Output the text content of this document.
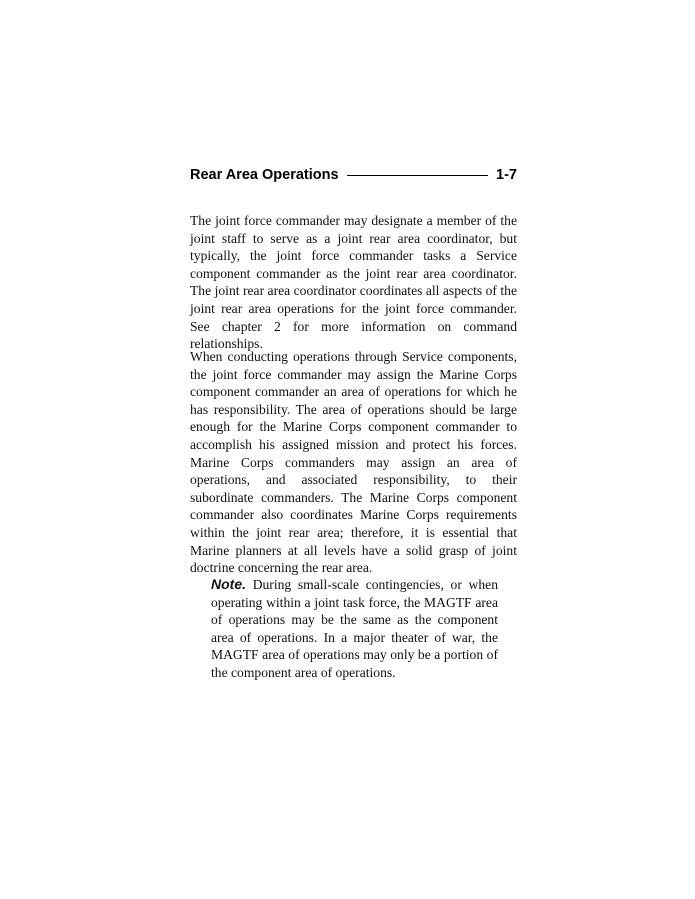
Rear Area Operations	1-7

The joint force commander may designate a member of the joint staff to serve as a joint rear area coordinator, but typically, the joint force commander tasks a Service component commander as the joint rear area coordinator. The joint rear area coordinator coordinates all aspects of the joint rear area operations for the joint force commander. See chapter 2 for more information on command relationships.

When conducting operations through Service components, the joint force commander may assign the Marine Corps component commander an area of operations for which he has responsibility. The area of operations should be large enough for the Marine Corps component commander to accomplish his assigned mission and protect his forces. Marine Corps commanders may assign an area of operations, and associated responsibility, to their subordinate commanders. The Marine Corps component commander also coordinates Marine Corps requirements within the joint rear area; therefore, it is essential that Marine planners at all levels have a solid grasp of joint doctrine concerning the rear area.

Note. During small-scale contingencies, or when operating within a joint task force, the MAGTF area of operations may be the same as the component area of operations. In a major theater of war, the MAGTF area of operations may only be a portion of the component area of operations.
